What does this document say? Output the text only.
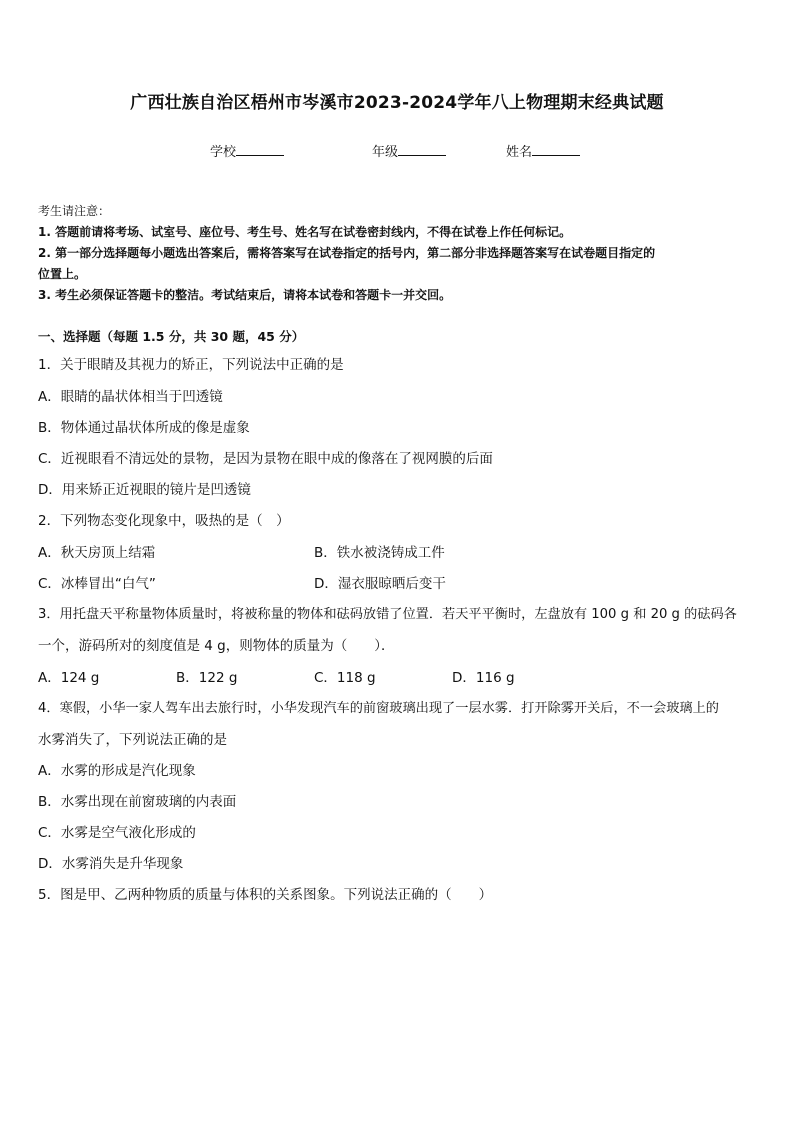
广西壮族自治区梧州市岑溪市2023-2024学年八上物理期末经典试题
学校	年级	姓名
考生请注意：
1. 答题前请将考场、试室号、座位号、考生号、姓名写在试卷密封线内，不得在试卷上作任何标记。
2. 第一部分选择题每小题选出答案后，需将答案写在试卷指定的括号内，第二部分非选择题答案写在试卷题目指定的
位置上。
3. 考生必须保证答题卡的整洁。考试结束后，请将本试卷和答题卡一并交回。
一、选择题（每题 1.5 分，共 30 题，45 分）
1．关于眼睛及其视力的矫正，下列说法中正确的是
A．眼睛的晶状体相当于凹透镜
B．物体通过晶状体所成的像是虚象
C．近视眼看不清远处的景物，是因为景物在眼中成的像落在了视网膜的后面
D．用来矫正近视眼的镜片是凹透镜
2．下列物态变化现象中，吸热的是（　）
A．秋天房顶上结霜	B．铁水被浇铸成工件
C．冰棒冒出“白气”	D．湿衣服晾晒后变干
3．用托盘天平称量物体质量时，将被称量的物体和砝码放错了位置．若天平平衡时，左盘放有 100 g 和 20 g 的砝码各
一个，游码所对的刻度值是 4 g，则物体的质量为（　　）．
A．124 g	B．122 g	C．118 g	D．116 g
4．寒假，小华一家人驾车出去旅行时，小华发现汽车的前窗玻璃出现了一层水雾．打开除雾开关后，不一会玻璃上的
水雾消失了，下列说法正确的是
A．水雾的形成是汽化现象
B．水雾出现在前窗玻璃的内表面
C．水雾是空气液化形成的
D．水雾消失是升华现象
5．图是甲、乙两种物质的质量与体积的关系图象。下列说法正确的（　　）
